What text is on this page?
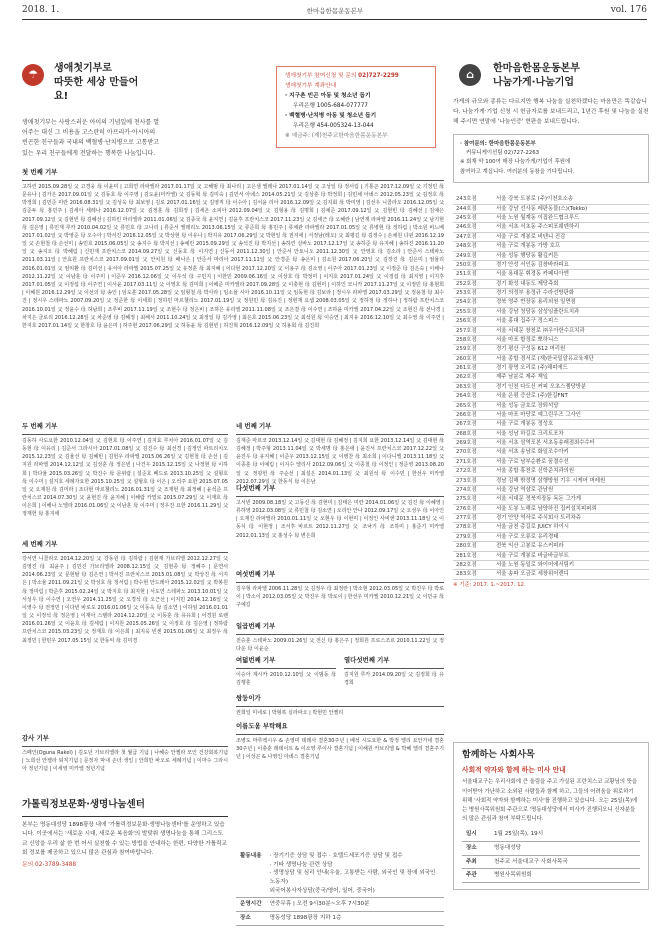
2018. 1.	한마음한몸운동본부	vol. 176
☂	생애첫기부로
따뜻한 세상 만들어요!
생애첫기부는 사랑스러운 아이의 기념일에 천사를 열어주는 대신 그 비용을 고스란히 아프리카·아시아의 빈곤한 친구들과 국내의 백혈병·난치병으로 고통받고 있는 우리 친구들에게 전달하는 행복한 나눔입니다.
생애첫기부 참여신청 및 문의 02)727-2299
생애첫기부 계좌안내
· 지구촌 빈곤 아동 및 청소년 돕기
우리은행 1005-684-077777
· 백혈병·난치병 아동 및 청소년 돕기
우리은행 454-005324-13-044
※ 예금주: (재)천주교한마음한몸운동본부
첫 번째 기부
고하린 2015.09.28일 父 고경웅 母 이윤미 | 고희연 라파엘라 2017.01.17일 父 고혜범 母 최나리 | 고은샘 엘레나 2017.01.14일 父 고성일 母 정서림 | 기통곤 2017.12.09일 父 기정민 母 문유나 | 김가은 2017.09.01일 父 김동호 母 이주영 | 김도윤(미카엘) 父 김동혁 母 김미숙 | 김민서 아녜스 2014.05.21일 父 김상훈 母 박정희 | 김민채 아녜스 2012.05.23일 父 김정호 母 박정희 | 김민준 미란 2016.08.31일 父 김성욱 母 최보영 | 김로 2017.01.16일 父 김영직 母 이수아 | 김서윤 리아 2016.12.09일 父 김지회 母 박미영 | 김선우 니콜라오 2016.12.05일 父 김준두 母 홍민주 | 김세아 세레나 2016.12.07일 父 김정훈 母 김희정 | 김세온 소피아 2012.09.04일 父 김형용 母 김명희 | 김예준 2017.09.12일 父 김현빈 母 김혜선 | 김예은 2017.09.12일 父 김현빈 母 김혜선 | 김하린 마리엘라 2011.01.06일 父 김종국 母 윤지연 | 김윤후 프란치스코 2017.11.23일 父 김세근 母 오혜란 | 남연재 라파엘 2016.11.24일 父 남기현 母 김은영 | 류민재 루카 2010.04.02일 父 류민호 母 고나리 | 류준서 엘레리노 2013.06.15일 父 류준희 母 홍민주 | 류채관 라파엘라 2017.01.05일 父 류병현 母 정하림 | 박소원 비느베 2017.01.02일 父 박영준 母 오수아 | 박서진 2016.12.05일 父 박상현 母 이유나 | 박지유 2017.06.29일 父 박현일 母 권지애 | 서정남(레오) 父 최평길 母 김정수 | 손채원 다윈 2016.12.19일 父 손현철 母 손선미 | 송민호 2015.06.05일 父 송지수 母 박지선 | 송예린 2015.09.29일 父 송석진 母 박지선 | 송하린 실바노 2017.12.17일 父 송하준 母 유지혜 | 송하진 2016.11.20일 父 송지오 母 박혜림 | 신민재 프란치스코 2014.09.27일 父 신동호 母 이지연 | 신동서 2011.12.30일 | 안준서 안토니오 2011.12.30일 父 안영호 母 김소라 | 안준서 스테파노 2011.03.11일 | 안효원 프란치스코 2017.09.01일 父 안치원 母 배나은 | 안준서 마리아 2017.11.11일 父 안경준 母 송은미 | 김소원 2017.06.20일 父 김장진 母 김은미 | 엄율리 2016.01.01일 父 엄익환 母 김미선 | 유서아 라파엘 2015.07.25일 父 유정훈 母 최지혜 | 이다현 2017.12.20일 父 이용구 母 김소영 | 이주아 2017.01.23일 父 이정준 母 김은숙 | 이해나 2012.11.22일 父 이남훈 母 이주미 | 이준우 2016.12.06일 父 이우석 母 구민지 | 이한민 2009.06.16일 父 이상호 母 박정미 | 이지호 2017.01.24일 父 이정섭 母 최지영 | 이지후 2017.01.05일 父 이정섭 母 이주연 | 이서윤 2017.03.11일 父 이영호 母 김미희 | 이해준 미카엘라 2017.09.28일 父 이충현 母 김현미 | 이하인 모니카 2017.11.27일 父 이정민 母 홍현희 | 이혜원 2016.12.29일 父 이선의 母 송인 | 임도훈 2017.05.28일 父 임형철 母 박사라 | 임소율 시아 2016.10.11일 父 임동현 母 김보라 | 정시우 라파엘 2017.03.29일 父 정용철 母 최수진 | 정시우 스테파노 2007.09.20일 父 정준한 母 이세희 | 정하민 마르첼리노 2017.01.19일 父 정원민 母 김유진 | 정현재 요셉 2008.03.05일 父 정하정 母 정하나 | 정하람 프란치스코 2016.10.01일 父 정윤수 母 허남희 | 조루비 2017.11.19일 父 조현수 母 정은비 | 조하은 유리엘 2011.11.08일 父 조은결 母 이수연 | 조하윤 미카엘 2017.04.22일 父 조현진 母 선나경 | 차지은 클로리 2016.12.28일 父 차준영 母 김혜정 | 최해서 2011.10.24일 父 최정일 母 김가영 | 최은호 2015.06.23일 父 최석원 母 이승연 | 최지유 2016.12.10일 父 최수영 母 이주연 | 한지호 2017.01.14일 父 한창호 母 윤은미 | 허주현 2017.06.29일 父 허동윤 母 김현빈 | 허진혁 2016.12.09일 父 허용회 母 김진희
두 번째 기부
김동하 사도요한 2010.12.04일 父 김현호 母 이주연 | 김지효 루치아 2016.01.07일 父 김동현 母 이유리 | 김준서 그라시아 2017.01.08일 父 김진수 母 최선경 | 김정인 파트리치오 2015.12.23일 父 김율선 母 김혜빈 | 김헌우 라파엘 2015.06.26일 父 김현철 母 손선 | 김지원 라파엘 2014.12.12일 父 김성훈 母 정은빈 | 나건우 2015.12.15일 父 나정현 母 이하희 | 박다율 2015.03.26일 父 박진수 母 문위람 | 설준호 베드로 2013.10.25일 父 설형호 母 이수미 | 설지호 세례자요한 2015.10.25일 父 설형호 母 이은 | 오석주 요한 2015.07.05일 父 오재원 母 김미라 | 조다현 마르첼리노 2016.01.31일 父 조재현 母 최정혜 | 윤석준 프란치스코 2014.07.30일 父 윤현진 母 윤지혜 | 이해람 카밀로 2015.07.29일 父 이재호 母 이은희 | 이해나 노엘라 2016.01.06일 父 이남훈 母 이주미 | 정우진 요한 2016.11.29일 父 정재헌 母 홍지애
세 번째 기부
강서연 니콜라오 2014.12.20일 父 강동원 母 김하람 | 김현재 가브리엘 2012.12.27일 父 김영진 母 최윤주 | 김민진 가브리엘라 2008.12.15일 父 김현종 母 정혜주 | 문연서 2014.06.23일 父 문현탈 母 김은연 | 박서진 프란치스코 2015.01.08일 父 박상진 母 서지은 | 박소율 2011.09.21일 父 박성호 母 정서림 | 박수현 안드레아 2015.12.02일 父 박봉원 母 정미림 | 박준후 2015.02.24일 父 박지호 母 최지현 | 서도연 스테파노 2013.10.01일 父 서성우 母 이수연 | 오연우 2014.11.25일 父 오경석 母 오근선 | 이지민 2014.12.16일 父 이영수 母 전정민 | 이다빈 바로도 2016.01.06일 父 이동욱 母 김소연 | 이하임 2016.01.01일 父 이정석 母 정은영 | 이재아 스텔라 2014.12.20일 父 이동훈 母 유유희 | 이경원 로렌 2016.01.26일 父 이윤호 母 김세림 | 이지원 2015.05.26일 父 이정호 母 김은영 | 정하람 프란치스코 2015.03.23일 父 정재호 母 이은희 | 최지욱 빈센 2015.01.06일 父 최정우 母 최정민 | 한민우 2017.05.15일 父 한동익 母 김미경
감사 기부
스페인(Oguna Rakel) | 김도년 가브리엘라 첫 월급 기념 | 나혜승 안젤라 모인 건강회복기념 | 노희선 안젤라 퇴직기념 | 문정자 막내 손녀 생일 | 안희만 바오로 세례기념 | 이마수 그라시아 정년기념 | 이세영 미카엘 정년기념
네 번째 기부
김재준 마르코 2013.12.14일 父 김대현 母 김혜정 | 김지희 요한 2013.12.14일 父 김대현 母 김혜정 | 박주형 2013.11.04일 父 박세명 母 홍은애 | 윤진서 프란치스코 2017.12.22일 父 윤진우 母 유지혜 | 이준우 2013.12.15일 父 이병찬 母 최소희 | 이다니엘 2013.11.18일 父 이종훈 母 이예림 | 이지수 엘리사 2012.09.06일 父 이종철 母 이정인 | 정준영 2013.08.20일 父 정광헌 母 주순선 | 최설은 2014.01.13일 父 최원석 母 이수민 | 한선우 미카엘 2012.07.29일 父 한동식 母 이은남
다섯번째 기부
고서빈 2009.08.18일 父 고동신 母 김현미 | 김태은 미란 2014.01.06일 父 김진 母 이혜영 | 류하영 2012.03.08일 父 류민철 母 김소연 | 오리안 안나 2012.09.17일 父 오성우 母 이아인 | 오재진 라파엘라 2010.01.11일 父 오현우 母 이현미 | 이정인 사비엔 2013.11.18일 父 이동식 母 이현정 | 조서후 바르트 2012.11.27일 父 조낙기 母 조하미 | 홍준기 미카엘 2012.01.13일 父 홍성수 母 변은희
여섯번째 기부
김우형 라파엘 2006.11.28일 父 김정우 母 최정란 | 박소현 2012.03.05일 父 박진우 母 박로이 | 박소이 2012.03.05일 父 박진우 母 박로이 | 한선우 미카엘 2010.12.21일 父 이민규 母 구예길
일곱번째 기부
전승훈 스테파노 2009.01.26일 父 전신 母 홍은주 | 정희원 프로스조르 2010.11.22일 父 정다운 母 이윤순
여덟번째 기부
이승아 제시카 2010.12.10일 父 이범동 母 김행훈
열다섯번째 기부
김지원 루카 2014.09.20일 父 김정희 母 유경희
쌍둥이가
권희일 미네로 | 박형복 실라파오 | 박현민 안젤리
이름도움 부탁해요
조병도 마루엑시우 & 손영미 데레사 결혼30주년 | 배석 시도요한 & 박정 엘리 요안가네 결혼30주년 | 이충훈 레데이트 & 이소영 루이사 결혼기념 | 이해원 카브리엘 & 박혜 엘리 결혼주기년 | 이성곤 & 나영인 아녜스 결혼기념
가톨릭정보문화·생명나눔센터
본부는 명동대성당 1898광장 내에 '가톨릭정보문화·생명나눔센터'를 운영하고 있습니다. 이곳에서는 '새로운 시대, 새로운 복음화'의 발맞춰 생명나눔을 통해 그리스도교 신앙을 우리 삶 한 번 어서 실천할 수 있는 방법을 안내하는 한편, 다양한 가톨릭교회 정보를 제공하고 있으니 많은 관심과 참여바랍니다.
문의 02-3789-3488
활동내용	· 장기기증 상담 및 접수 · 호텔드세포기증 상담 및 접수
· 기타 생명나눔 관련 상담
· 생명상담 및 심리 안내(우울, 고통받는 사람, 외국인 및 장애 외국인노동자)
외국어봉사자상담(중국/영어, 일어, 중국어)

운영시간	연중무휴 | 오전 9시30분~오후 7시30분
장소	명동성당 1898광장 지하 1층
⌂	한마음한몸운동본부
나눔가게·나눔기업
가게의 규모와 종류는 다르지만 행복 나눔을 실천하겠다는 마음만은 똑같습니다. 나눔가게·기업 신청 시 헌금자로를 보내드리고, 1년간 후원 및 나눔을 실천해 주시면 연말에 '나눔인증' 현판을 보내드립니다.
· 참여문의: 한마음한몸운동본부
커뮤니케이션팀 02)727-2263
※ 회재 약 100여 매장 나눔가게/기업이 후원에
참여하고 계십니다. 여러분의 동참을 기다립니다.
243호점	서울 강북 도봉로 (주)이천호소송
244호점	서울 강남 선사동 레판동물(스)(Tekko)
245호점	서울 노원 월계동 이집완드협크루드
246호점	서울 서초 서초동 주스피포웨덴하리
247호점	서울 구로 개봉로 비텐니 진감
248호점	서울 구로 개봉동 가방 호프
249호점	서울 성동 행당동 활깊커튼
250호점	경기 안성 서인동 김창바라피요
251호점	서울 용대문 휘경동 카페디아엔
252호점	경기 화성 내동도 제당측회
253호점	경기 의정부 용정규 수라선방판화
254호점	경북 영주 반장동 용리외원 일면점
255호점	서울 강남 청담동 삼성임플란트치과
256호점	서울 홍대 집주구 정스피스
257호점	서울 서대문 창천로 ㈜우아한수프치과
258호점	서울 마포 합정로 뽀하니스
259호점	경기 평산 구성동 612 머리원
260호점	서울 종합 경서로 (재)한국밀알유교육재단
261호점	경기 광명 오리로 (주)해피에드
262호점	제주 남분로 제주 책잎
263호점	경기 인천 다도신 커피 오초스젬당방분
264호점	서울 은평 증산로 (주)한길FNT
265호점	서울 성동 금호로 장퇴석당
266호점	서울 마포 마당로 예그린우즈 그사인
267호점	서울 구로 개봉동 정성호
268호점	서울 성남 하길로 크리트포차
269호점	서울 서초 삼역포본 서초동송래점최수수터
270호점	서울 서초 송남로 화일조수아키
271호점	서울 구로 남부순환로 꿈결수선
272호점	서울 종합 휴천로 신학준치과의원
273호점	경남 김해 밖정명 삼행방원 기우 시케어 머레원
274호점	서울 강남 역삼로 관남원
275호점	서울 서대문 정북지장동 독돈 그가게
276호점	서울 도봉 노해로 남양하진 집커설치피퍼뢰
277호점	경기 안양 역삭로 주식회사 트리차쥬
278호점	서울 금천 총길로 JUICY 하이시
279호점	서울 구로 오류로 유리경태
280호점	전북 익산 고봉로 유스커피라
281호점	서울 구로 개봉로 바글바글부트
282호점	서울 노원 동일로 와이어에서팀키
283호점	서울 송파 오금로 세창위어렌디
※ 기준: 2017. 1.~2017. 12.
함께하는 사회사목
사회적 약자와 함께 하는 미사 안내
서울대교구는 우리사회에 큰 울림을 주고 가실된 프란치스코 교황님의 뜻을 이어받아 가난하고 소외된 사람들과 함께 하고, 그들의 어려움을 위로하기 위해 '사회적 약자와 함께하는 미사'를 진행하고 있습니다. 오는 25일(목)에는 병원사목위원회 주관으로 '명동대성당에서 미사가 진행되오니 신자분들의 많은 관심과 참여 부탁드립니다.
일시	1월 25일(목), 19시
장소	명동대성당
주최	천주교 서울대교구 사회사목국
주관	병원사목위원회
